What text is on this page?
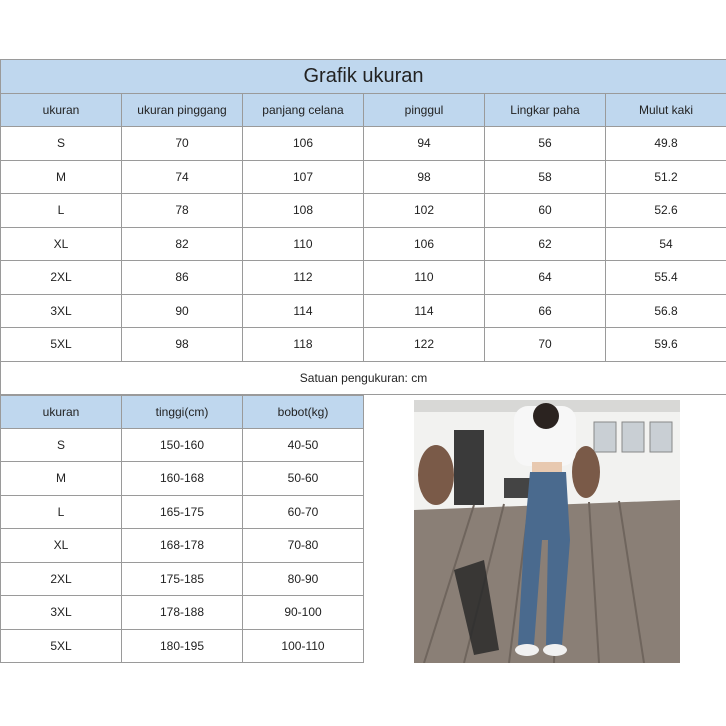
Grafik ukuran					
ukuran	ukuran pinggang	panjang celana	pinggul	Lingkar paha	Mulut kaki
S	70	106	94	56	49.8
M	74	107	98	58	51.2
L	78	108	102	60	52.6
XL	82	110	106	62	54
2XL	86	112	110	64	55.4
3XL	90	114	114	66	56.8
5XL	98	118	122	70	59.6
Satuan pengukuran: cm					
ukuran	tinggi(cm)	bobot(kg)
S	150-160	40-50
M	160-168	50-60
L	165-175	60-70
XL	168-178	70-80
2XL	175-185	80-90
3XL	178-188	90-100
5XL	180-195	100-110
